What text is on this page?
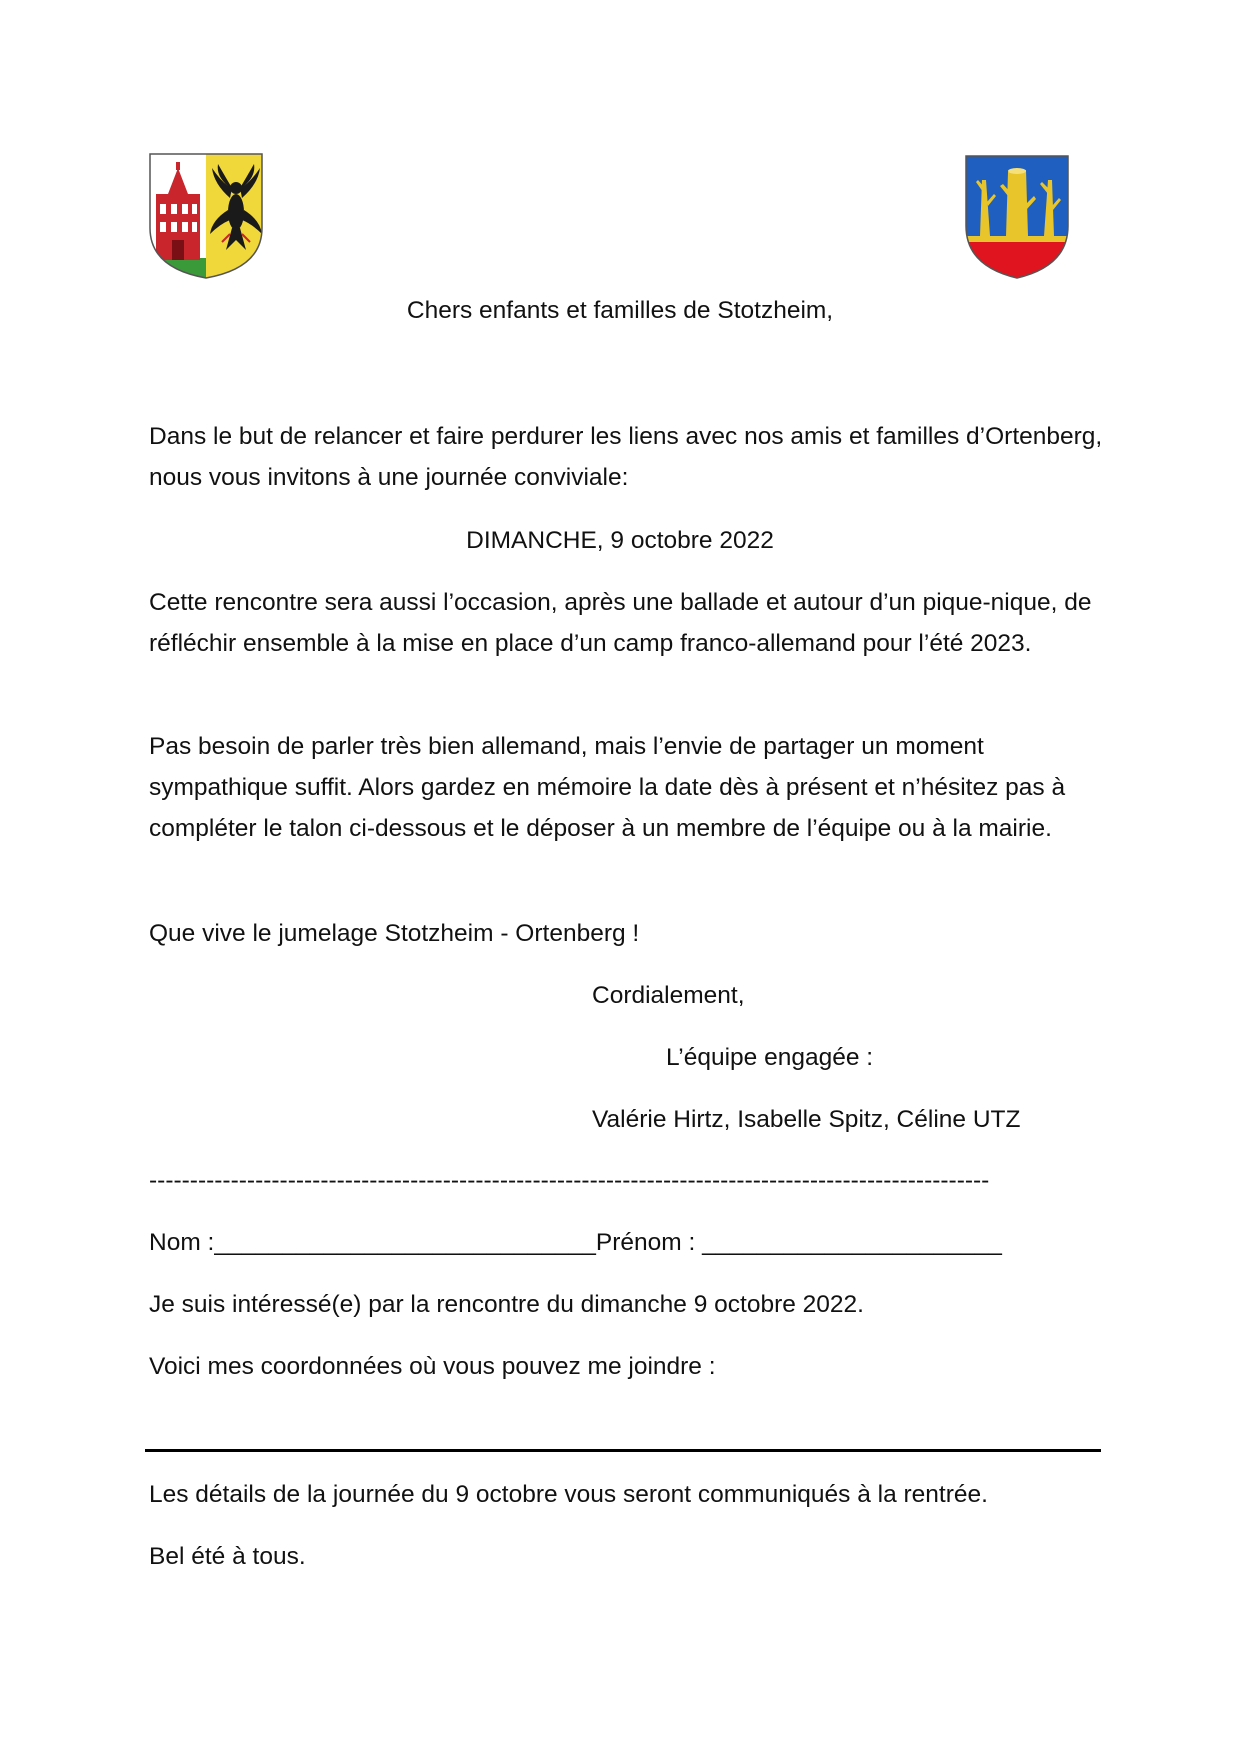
Chers enfants et familles de Stotzheim,
Dans le but de relancer et faire perdurer les liens avec nos amis et familles d’Ortenberg, nous vous invitons à une journée conviviale:
DIMANCHE, 9 octobre 2022
Cette rencontre sera aussi l’occasion, après une ballade et autour d’un pique-nique, de réfléchir ensemble à la mise en place d’un camp franco-allemand pour l’été 2023.
Pas besoin de parler très bien allemand, mais l’envie de partager un moment sympathique suffit. Alors gardez en mémoire la date dès à présent et n’hésitez pas à compléter le talon ci-dessous et le déposer à un membre de l’équipe ou à la mairie.
Que vive le jumelage Stotzheim - Ortenberg !
Cordialement,
L’équipe engagée :
Valérie Hirtz, Isabelle Spitz, Céline UTZ
-------------------------------------------------------------------------------------------------------
Nom :____________________________Prénom : ______________________
Je suis intéressé(e) par la rencontre du dimanche 9 octobre 2022.
Voici mes coordonnées où vous pouvez me joindre :
Les détails de la journée du 9 octobre vous seront communiqués à la rentrée.
Bel été à tous.
